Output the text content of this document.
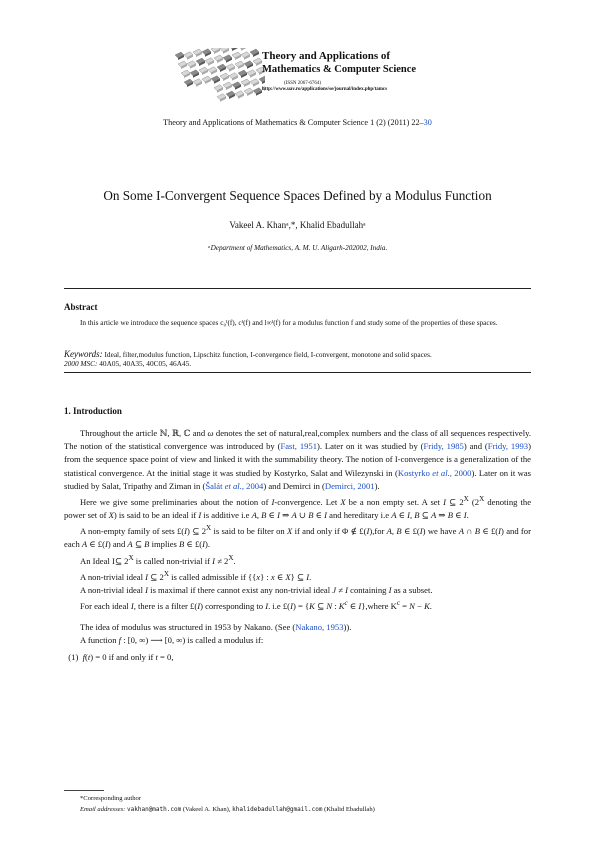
Theory and Applications of
Mathematics & Computer Science
(ISSN 2067-6764)
http://www.uav.ro/applications/se/journal/index.php/tamcs
Theory and Applications of Mathematics & Computer Science 1 (2) (2011) 22–30
On Some I-Convergent Sequence Spaces Defined by a Modulus Function
Vakeel A. Khanᵃ,*, Khalid Ebadullahᵃ
ᵃDepartment of Mathematics, A. M. U. Aligarh-202002, India.
Abstract
In this article we introduce the sequence spaces c₀ᴵ(f), cᴵ(f) and l∞ᴵ(f) for a modulus function f and study some of the properties of these spaces.
Keywords: Ideal, filter,modulus function, Lipschitz function, I-convergence field, I-convergent, monotone and solid spaces.
2000 MSC: 40A05, 40A35, 40C05, 46A45.
1. Introduction

Throughout the article ℕ, ℝ, ℂ and ω denotes the set of natural,real,complex numbers and the class of all sequences respectively. The notion of the statistical convergence was introduced by (Fast, 1951). Later on it was studied by (Fridy, 1985) and (Fridy, 1993) from the sequence space point of view and linked it with the summability theory. The notion of I-convergence is a generalization of the statistical convergence. At the initial stage it was studied by Kostyrko, Salat and Wilezynski in (Kostyrko et al., 2000). Later on it was studied by Salat, Tripathy and Ziman in (Šalát et al., 2004) and Demirci in (Demirci, 2001).

Here we give some preliminaries about the notion of I-convergence. Let X be a non empty set. A set I ⊆ $2^X$ ($2^X$ denoting the power set of X) is said to be an ideal if I is additive i.e A, B ∈ I ⇒ A ∪ B ∈ I and hereditary i.e A ∈ I, B ⊆ A ⇒ B ∈ I.

A non-empty family of sets £(I) ⊆ $2^X$ is said to be filter on X if and only if Φ ∉ £(I),for A, B ∈ £(I) we have A ∩ B ∈ £(I) and for each A ∈ £(I) and A ⊆ B implies B ∈ £(I).

An Ideal I⊆ $2^X$ is called non-trivial if $I \ne 2^X$.

A non-trivial ideal I ⊆ $2^X$ is called admissible if {{x} : x ∈ X} ⊆ I.

A non-trivial ideal I is maximal if there cannot exist any non-trivial ideal J ≠ I containing I as a subset.

For each ideal I, there is a filter £(I) corresponding to I. i.e £(I) = {K ⊆ N : $K^c$ ∈ I},where $K^c = N - K$.

The idea of modulus was structured in 1953 by Nakano. (See (Nakano, 1953)).

A function f : [0, ∞) ⟶ [0, ∞) is called a modulus if:

(1)  f(t) = 0 if and only if t = 0,

*Corresponding author
Email addresses: vakhan@math.com (Vakeel A. Khan), khalidebadullah@gmail.com (Khalid Ebadullah)
